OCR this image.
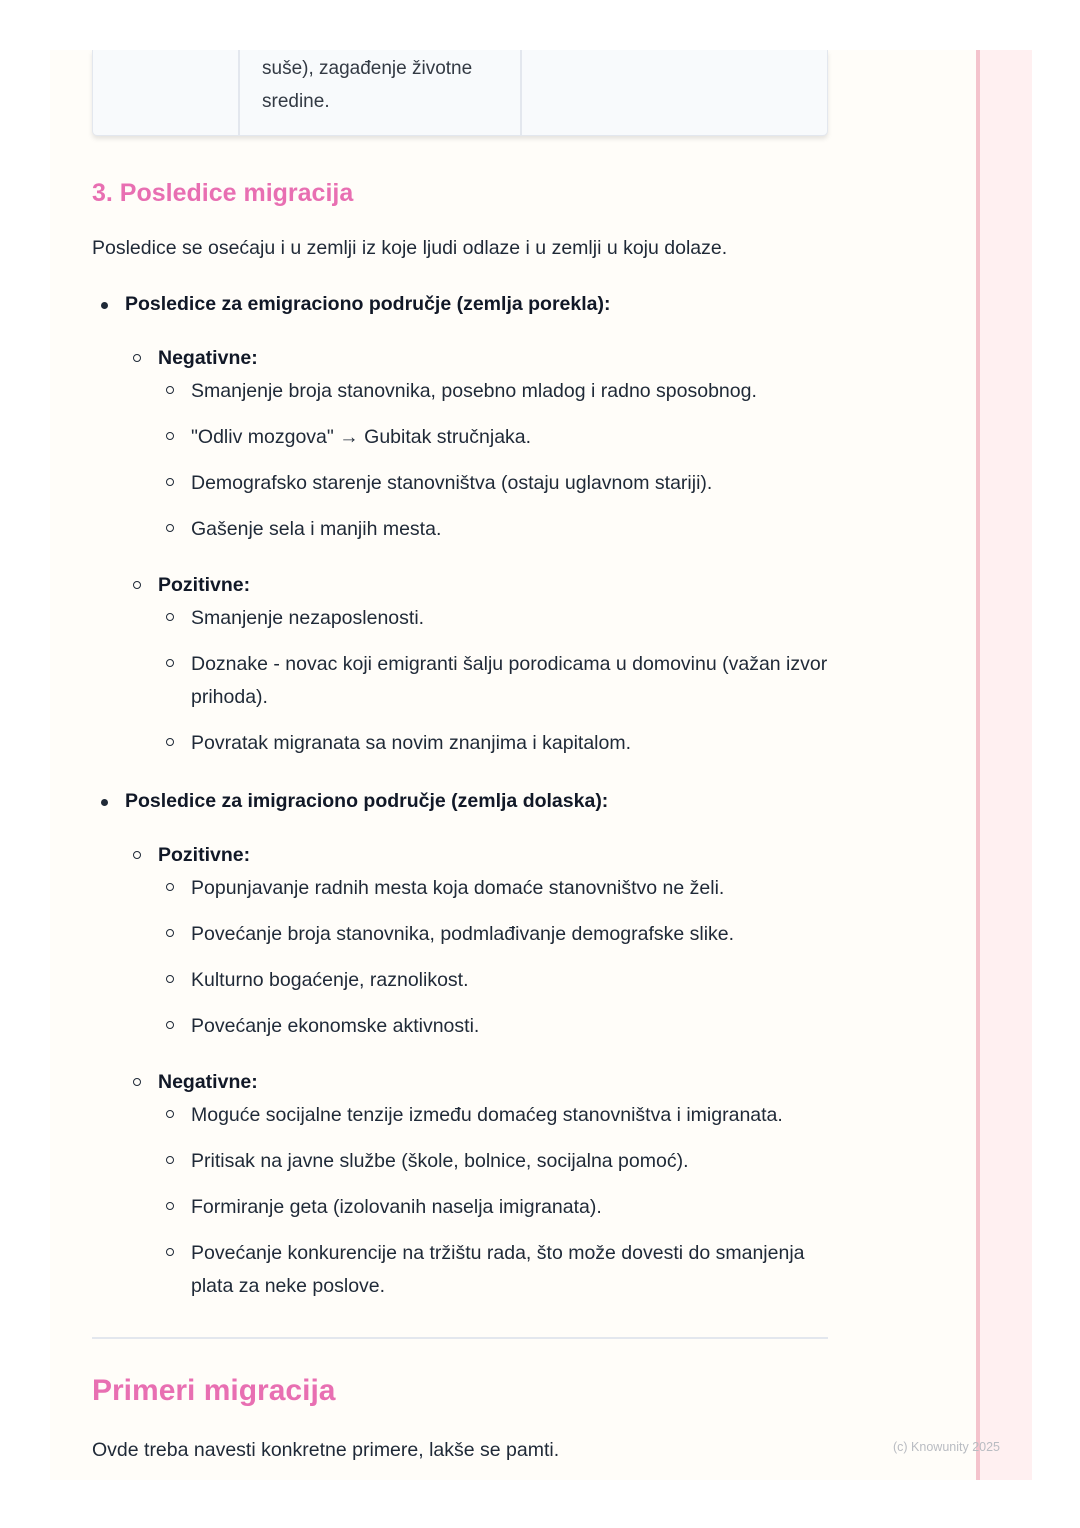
suše), zagađenje životne
sredine.
3. Posledice migracija

Posledice se osećaju i u zemlji iz koje ljudi odlaze i u zemlji u koju dolaze.

Posledice za emigraciono područje (zemlja porekla):
Negativne:
Smanjenje broja stanovnika, posebno mladog i radno sposobnog.
"Odliv mozgova" → Gubitak stručnjaka.
Demografsko starenje stanovništva (ostaju uglavnom stariji).
Gašenje sela i manjih mesta.
Pozitivne:
Smanjenje nezaposlenosti.
Doznake - novac koji emigranti šalju porodicama u domovinu (važan izvor prihoda).
Povratak migranata sa novim znanjima i kapitalom.
Posledice za imigraciono područje (zemlja dolaska):
Pozitivne:
Popunjavanje radnih mesta koja domaće stanovništvo ne želi.
Povećanje broja stanovnika, podmlađivanje demografske slike.
Kulturno bogaćenje, raznolikost.
Povećanje ekonomske aktivnosti.
Negativne:
Moguće socijalne tenzije između domaćeg stanovništva i imigranata.
Pritisak na javne službe (škole, bolnice, socijalna pomoć).
Formiranje geta (izolovanih naselja imigranata).
Povećanje konkurencije na tržištu rada, što može dovesti do smanjenja plata za neke poslove.
Primeri migracija

Ovde treba navesti konkretne primere, lakše se pamti.	(c) Knowunity 2025
